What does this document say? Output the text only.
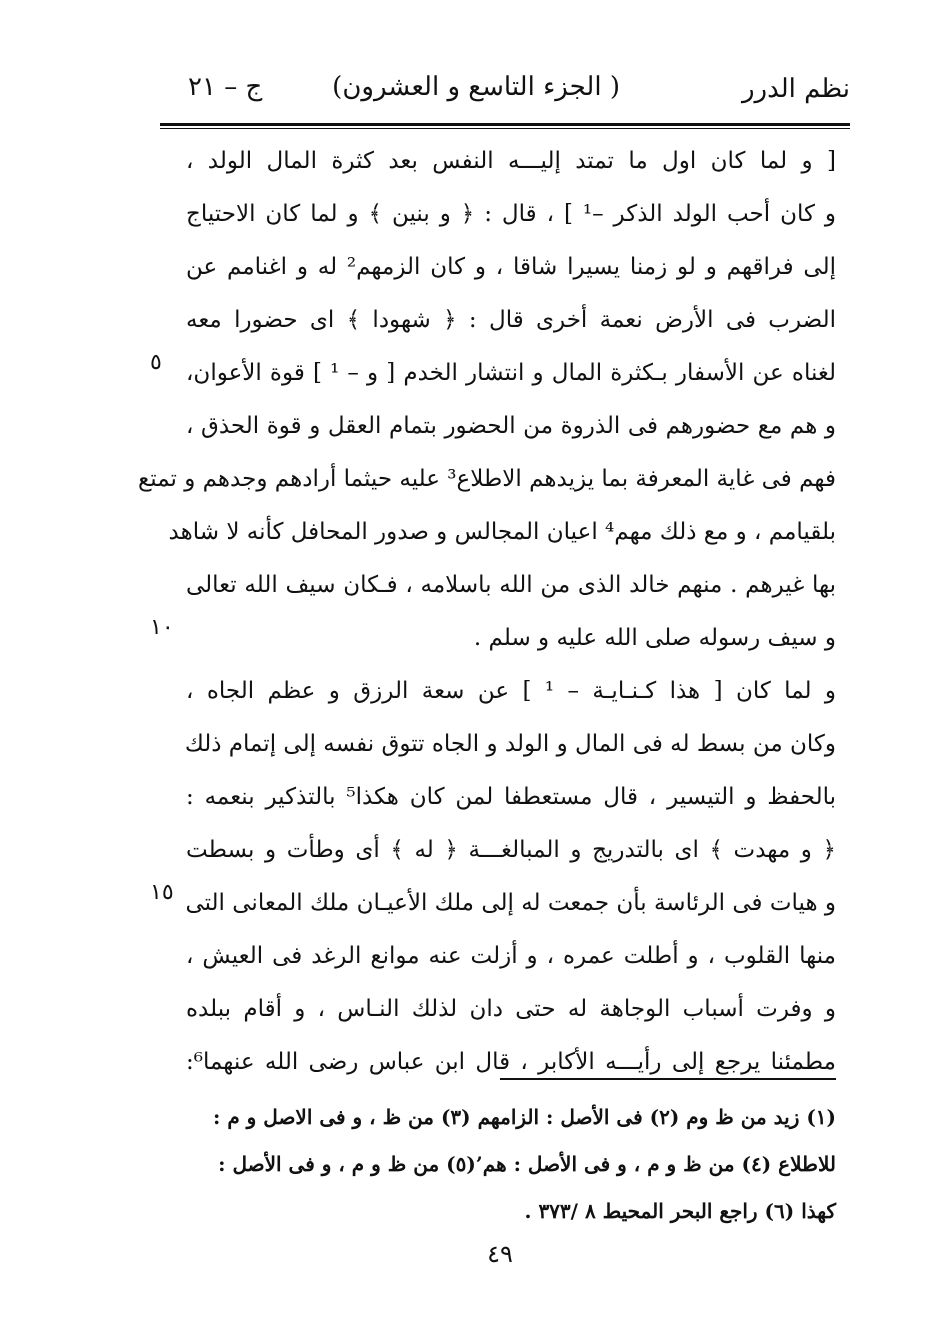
نظم الدرر
( الجزء التاسع و العشرون)
ج – ٢١
[ و لما كان اول ما تمتد إليـــه النفس بعد كثرة المال الولد ،
و كان أحب الولد الذكر –¹ ] ، قال : ﴿ و بنين ﴾ و لما كان الاحتياج
إلى فراقهم و لو زمنا يسيرا شاقا ، و كان الزمهم² له و اغنامم عن
الضرب فى الأرض نعمة أخرى قال : ﴿ شهودا ﴾ اى حضورا معه
لغناه عن الأسفار بـكثرة المال و انتشار الخدم [ و – ¹ ] قوة الأعوان،
و هم مع حضورهم فى الذروة من الحضور بتمام العقل و قوة الحذق ،
فهم فى غاية المعرفة بما يزيدهم الاطلاع³ عليه حيثما أرادهم وجدهم و تمتع
بلقيامم ، و مع ذلك مهم⁴ اعيان المجالس و صدور المحافل كأنه لا شاهد
بها غيرهم . منهم خالد الذى من الله باسلامه ، فـكان سيف الله تعالى
و سيف رسوله صلى الله عليه و سلم .
و لما كان [ هذا كـنـايـة – ¹ ] عن سعة الرزق و عظم الجاه ،
وكان من بسط له فى المال و الولد و الجاه تتوق نفسه إلى إتمام ذلك
بالحفظ و التيسير ، قال مستعطفا لمن كان هكذا⁵ بالتذكير بنعمه :
﴿ و مهدت ﴾ اى بالتدريج و المبالغـــة ﴿ له ﴾ أى وطأت و بسطت
و هيات فى الرئاسة بأن جمعت له إلى ملك الأعيـان ملك المعانى التى
منها القلوب ، و أطلت عمره ، و أزلت عنه موانع الرغد فى العيش ،
و وفرت أسباب الوجاهة له حتى دان لذلك النـاس ، و أقام ببلده
مطمئنا يرجع إلى رأيـــه الأكابر ، قال ابن عباس رضى الله عنهما⁶:
٥
١٠
١٥
(١) زيد من ظ وم (٢) فى الأصل : الزامهم (٣) من ظ ، و فى الاصل و م :
للاطلاع (٤) من ظ و م ، و فى الأصل : هم’(٥) من ظ و م ، و فى الأصل :
كهذا (٦) راجع البحر المحيط ٨ /٣٧٣ .
٤٩
